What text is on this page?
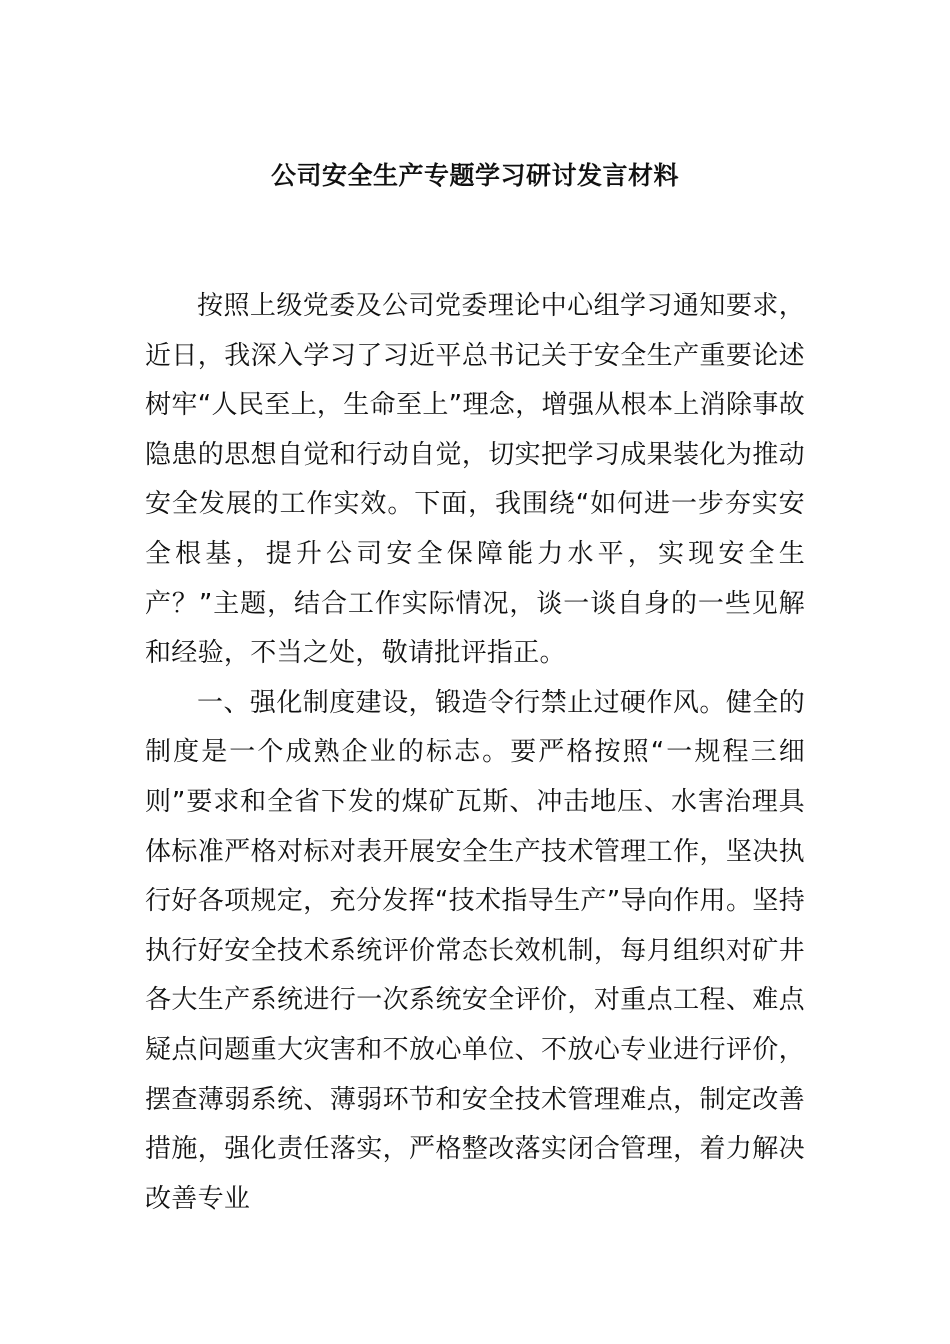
公司安全生产专题学习研讨发言材料

按照上级党委及公司党委理论中心组学习通知要求，近日，我深入学习了习近平总书记关于安全生产重要论述树牢“人民至上，生命至上”理念，增强从根本上消除事故隐患的思想自觉和行动自觉，切实把学习成果装化为推动安全发展的工作实效。下面，我围绕“如何进一步夯实安全根基，提升公司安全保障能力水平，实现安全生产？”主题，结合工作实际情况，谈一谈自身的一些见解和经验，不当之处，敬请批评指正。

一、强化制度建设，锻造令行禁止过硬作风。健全的制度是一个成熟企业的标志。要严格按照“一规程三细则”要求和全省下发的煤矿瓦斯、冲击地压、水害治理具体标准严格对标对表开展安全生产技术管理工作，坚决执行好各项规定，充分发挥“技术指导生产”导向作用。坚持执行好安全技术系统评价常态长效机制，每月组织对矿井各大生产系统进行一次系统安全评价，对重点工程、难点疑点问题重大灾害和不放心单位、不放心专业进行评价，摆查薄弱系统、薄弱环节和安全技术管理难点，制定改善措施，强化责任落实，严格整改落实闭合管理，着力解决改善专业
